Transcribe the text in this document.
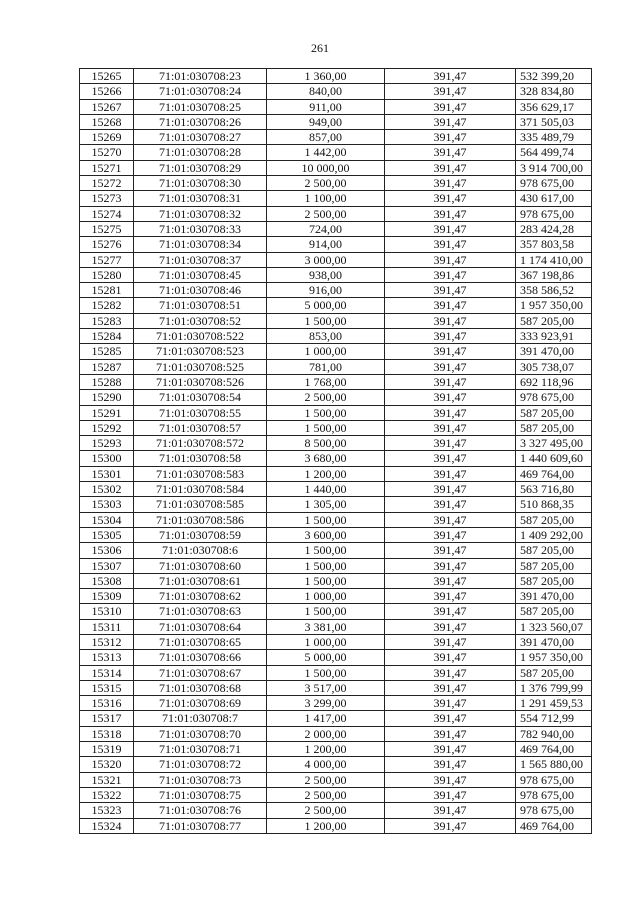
261
15265	71:01:030708:23	1 360,00	391,47	532 399,20
15266	71:01:030708:24	840,00	391,47	328 834,80
15267	71:01:030708:25	911,00	391,47	356 629,17
15268	71:01:030708:26	949,00	391,47	371 505,03
15269	71:01:030708:27	857,00	391,47	335 489,79
15270	71:01:030708:28	1 442,00	391,47	564 499,74
15271	71:01:030708:29	10 000,00	391,47	3 914 700,00
15272	71:01:030708:30	2 500,00	391,47	978 675,00
15273	71:01:030708:31	1 100,00	391,47	430 617,00
15274	71:01:030708:32	2 500,00	391,47	978 675,00
15275	71:01:030708:33	724,00	391,47	283 424,28
15276	71:01:030708:34	914,00	391,47	357 803,58
15277	71:01:030708:37	3 000,00	391,47	1 174 410,00
15280	71:01:030708:45	938,00	391,47	367 198,86
15281	71:01:030708:46	916,00	391,47	358 586,52
15282	71:01:030708:51	5 000,00	391,47	1 957 350,00
15283	71:01:030708:52	1 500,00	391,47	587 205,00
15284	71:01:030708:522	853,00	391,47	333 923,91
15285	71:01:030708:523	1 000,00	391,47	391 470,00
15287	71:01:030708:525	781,00	391,47	305 738,07
15288	71:01:030708:526	1 768,00	391,47	692 118,96
15290	71:01:030708:54	2 500,00	391,47	978 675,00
15291	71:01:030708:55	1 500,00	391,47	587 205,00
15292	71:01:030708:57	1 500,00	391,47	587 205,00
15293	71:01:030708:572	8 500,00	391,47	3 327 495,00
15300	71:01:030708:58	3 680,00	391,47	1 440 609,60
15301	71:01:030708:583	1 200,00	391,47	469 764,00
15302	71:01:030708:584	1 440,00	391,47	563 716,80
15303	71:01:030708:585	1 305,00	391,47	510 868,35
15304	71:01:030708:586	1 500,00	391,47	587 205,00
15305	71:01:030708:59	3 600,00	391,47	1 409 292,00
15306	71:01:030708:6	1 500,00	391,47	587 205,00
15307	71:01:030708:60	1 500,00	391,47	587 205,00
15308	71:01:030708:61	1 500,00	391,47	587 205,00
15309	71:01:030708:62	1 000,00	391,47	391 470,00
15310	71:01:030708:63	1 500,00	391,47	587 205,00
15311	71:01:030708:64	3 381,00	391,47	1 323 560,07
15312	71:01:030708:65	1 000,00	391,47	391 470,00
15313	71:01:030708:66	5 000,00	391,47	1 957 350,00
15314	71:01:030708:67	1 500,00	391,47	587 205,00
15315	71:01:030708:68	3 517,00	391,47	1 376 799,99
15316	71:01:030708:69	3 299,00	391,47	1 291 459,53
15317	71:01:030708:7	1 417,00	391,47	554 712,99
15318	71:01:030708:70	2 000,00	391,47	782 940,00
15319	71:01:030708:71	1 200,00	391,47	469 764,00
15320	71:01:030708:72	4 000,00	391,47	1 565 880,00
15321	71:01:030708:73	2 500,00	391,47	978 675,00
15322	71:01:030708:75	2 500,00	391,47	978 675,00
15323	71:01:030708:76	2 500,00	391,47	978 675,00
15324	71:01:030708:77	1 200,00	391,47	469 764,00
